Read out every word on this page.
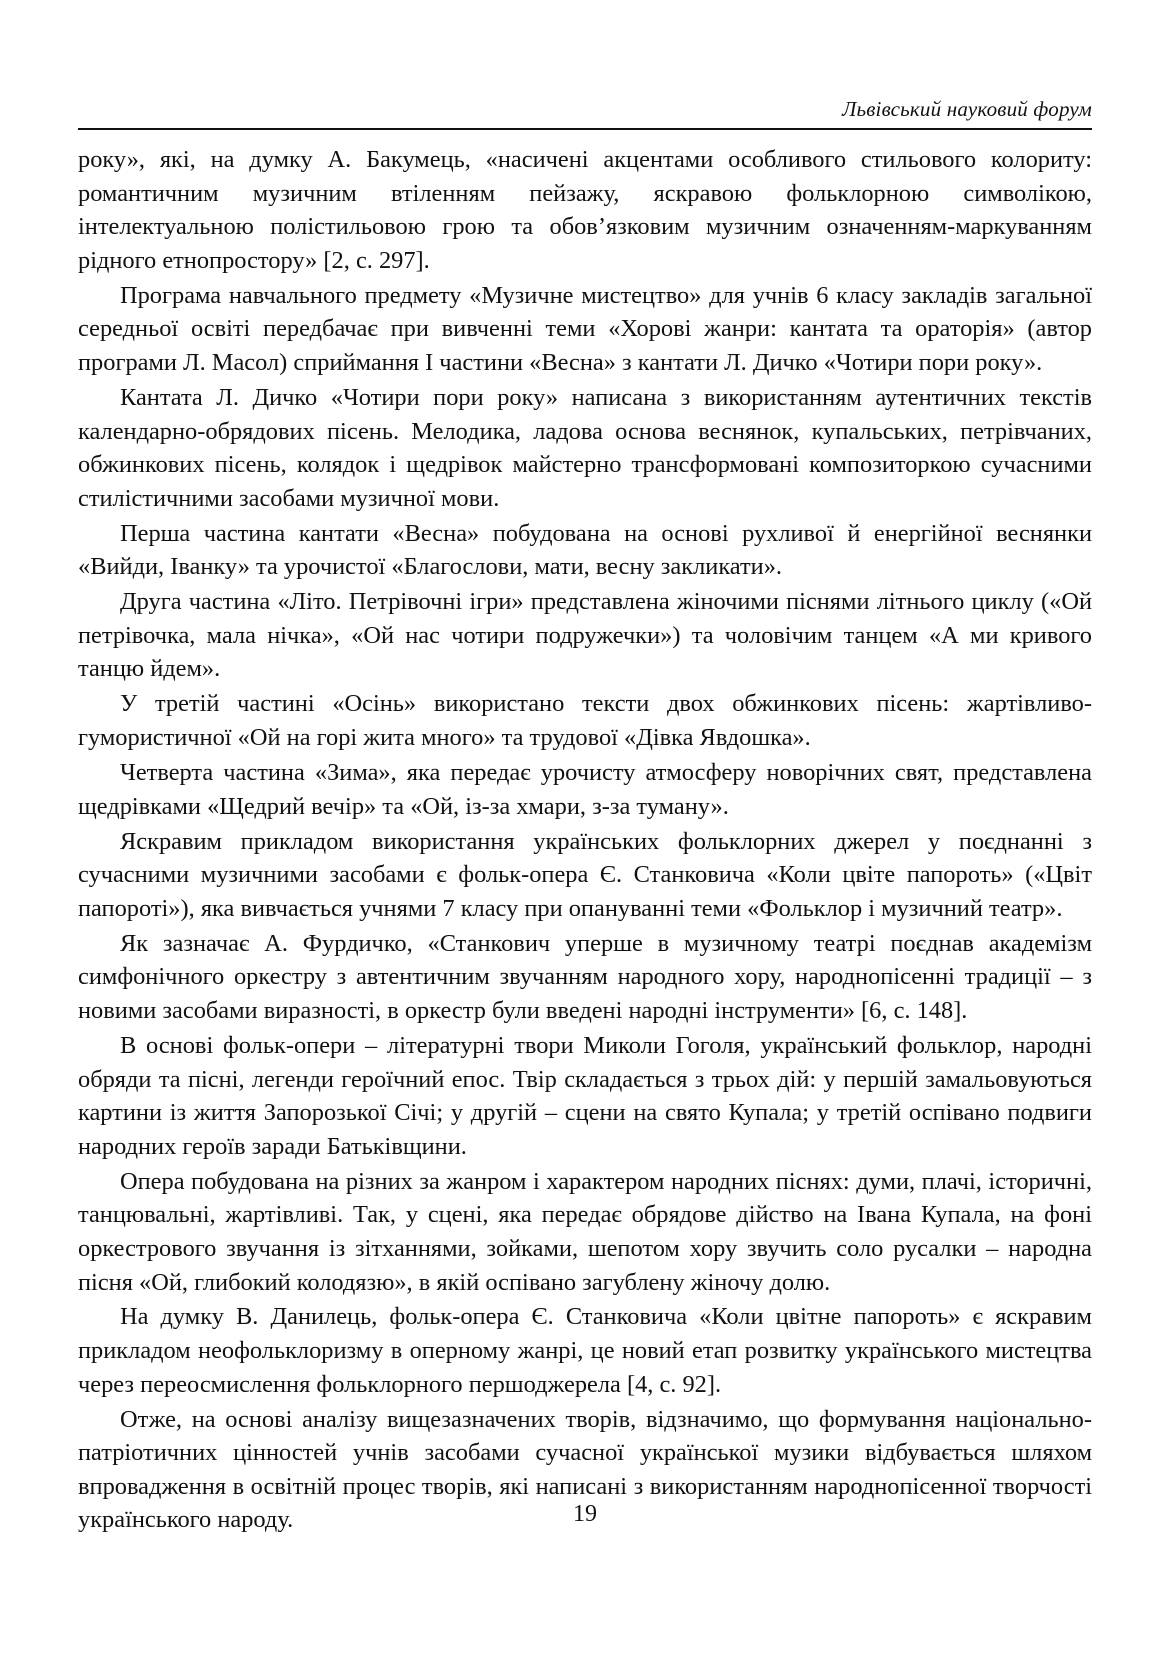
Львівський науковий форум

року», які, на думку А. Бакумець, «насичені акцентами особливого стильового колориту: романтичним музичним втіленням пейзажу, яскравою фольклорною символікою, інтелектуальною полістильовою грою та обов’язковим музичним означенням-маркуванням рідного етнопростору» [2, с. 297].

Програма навчального предмету «Музичне мистецтво» для учнів 6 класу закладів загальної середньої освіті передбачає при вивченні теми «Хорові жанри: кантата та ораторія» (автор програми Л. Масол) сприймання І частини «Весна» з кантати Л. Дичко «Чотири пори року».

Кантата Л. Дичко «Чотири пори року» написана з використанням аутентичних текстів календарно-обрядових пісень. Мелодика, ладова основа веснянок, купальських, петрівчаних, обжинкових пісень, колядок і щедрівок майстерно трансформовані композиторкою сучасними стилістичними засобами музичної мови.

Перша частина кантати «Весна» побудована на основі рухливої й енергійної веснянки «Вийди, Іванку» та урочистої «Благослови, мати, весну закликати».

Друга частина «Літо. Петрівочні ігри» представлена жіночими піснями літнього циклу («Ой петрівочка, мала нічка», «Ой нас чотири подружечки») та чоловічим танцем «А ми кривого танцю йдем».

У третій частині «Осінь» використано тексти двох обжинкових пісень: жартівливо-гумористичної «Ой на горі жита много» та трудової «Дівка Явдошка».

Четверта частина «Зима», яка передає урочисту атмосферу новорічних свят, представлена щедрівками «Щедрий вечір» та «Ой, із-за хмари, з-за туману».

Яскравим прикладом використання українських фольклорних джерел у поєднанні з сучасними музичними засобами є фольк-опера Є. Станковича «Коли цвіте папороть» («Цвіт папороті»), яка вивчається учнями 7 класу при опануванні теми «Фольклор і музичний театр».

Як зазначає А. Фурдичко, «Станкович уперше в музичному театрі поєднав академізм симфонічного оркестру з автентичним звучанням народного хору, народнопісенні традиції – з новими засобами виразності, в оркестр були введені народні інструменти» [6, с. 148].

В основі фольк-опери – літературні твори Миколи Гоголя, український фольклор, народні обряди та пісні, легенди героїчний епос. Твір складається з трьох дій: у першій замальовуються картини із життя Запорозької Січі; у другій – сцени на свято Купала; у третій оспівано подвиги народних героїв заради Батьківщини.

Опера побудована на різних за жанром і характером народних піснях: думи, плачі, історичні, танцювальні, жартівливі. Так, у сцені, яка передає обрядове дійство на Івана Купала, на фоні оркестрового звучання із зітханнями, зойками, шепотом хору звучить соло русалки – народна пісня «Ой, глибокий колодязю», в якій оспівано загублену жіночу долю.

На думку В. Данилець, фольк-опера Є. Станковича «Коли цвітне папороть» є яскравим прикладом неофольклоризму в оперному жанрі, це новий етап розвитку українського мистецтва через переосмислення фольклорного першоджерела [4, с. 92].

Отже, на основі аналізу вищезазначених творів, відзначимо, що формування національно-патріотичних цінностей учнів засобами сучасної української музики відбувається шляхом впровадження в освітній процес творів, які написані з використанням народнопісенної творчості українського народу.	19
